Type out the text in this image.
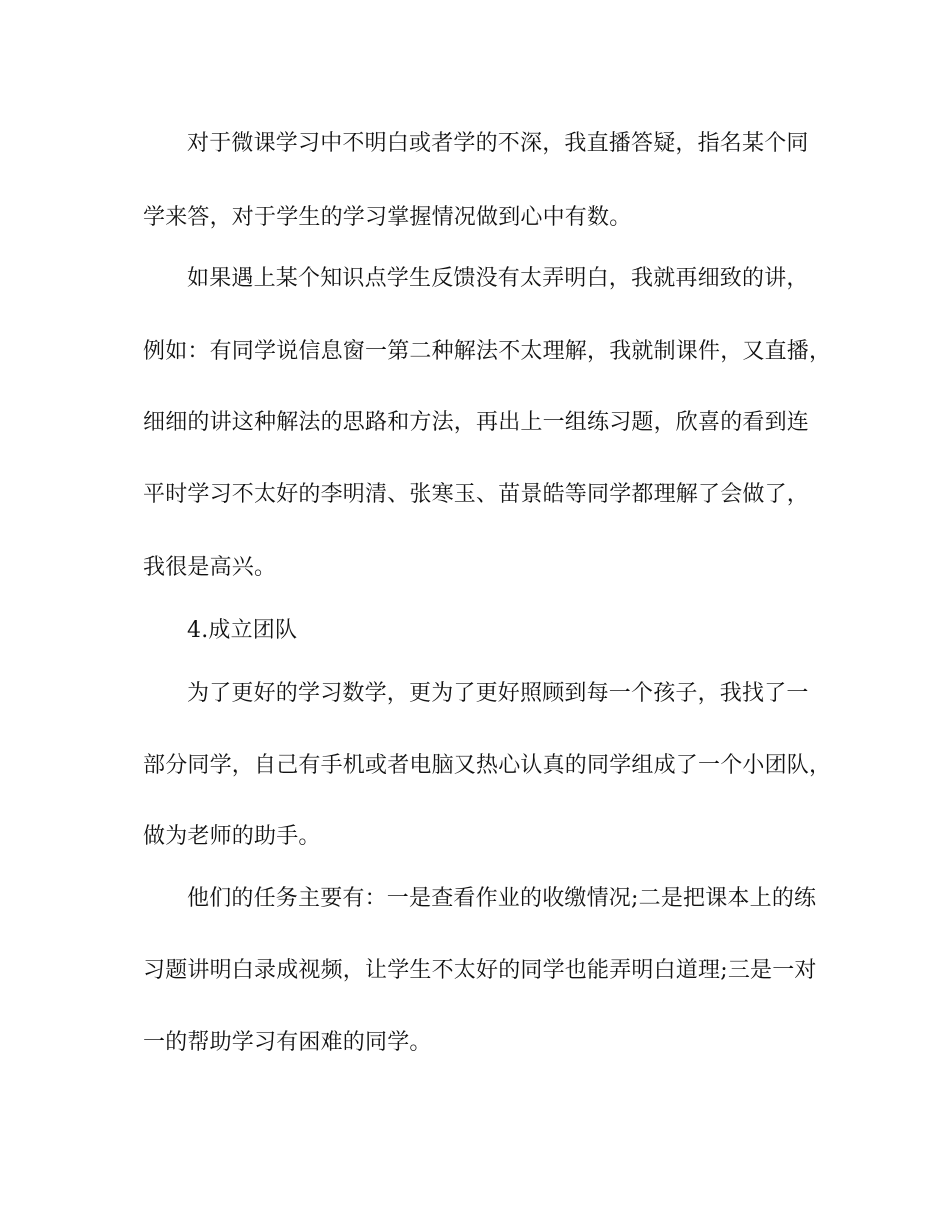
对于微课学习中不明白或者学的不深，我直播答疑，指名某个同
学来答，对于学生的学习掌握情况做到心中有数。
如果遇上某个知识点学生反馈没有太弄明白，我就再细致的讲，
例如：有同学说信息窗一第二种解法不太理解，我就制课件，又直播，
细细的讲这种解法的思路和方法，再出上一组练习题，欣喜的看到连
平时学习不太好的李明清、张寒玉、苗景皓等同学都理解了会做了，
我很是高兴。
4.成立团队
为了更好的学习数学，更为了更好照顾到每一个孩子，我找了一
部分同学，自己有手机或者电脑又热心认真的同学组成了一个小团队，
做为老师的助手。
他们的任务主要有：一是查看作业的收缴情况;二是把课本上的练
习题讲明白录成视频，让学生不太好的同学也能弄明白道理;三是一对
一的帮助学习有困难的同学。
